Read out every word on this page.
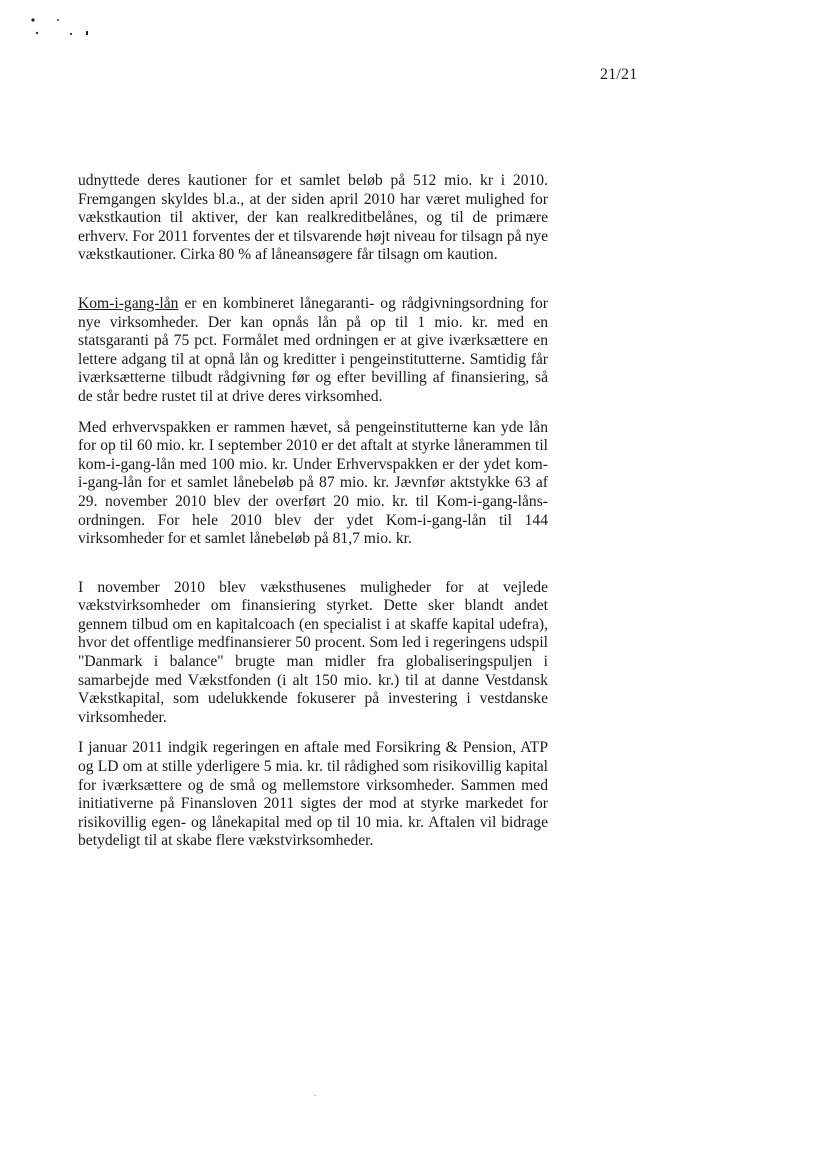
21/21

udnyttede deres kautioner for et samlet beløb på 512 mio. kr i 2010. Fremgangen skyldes bl.a., at der siden april 2010 har været mulighed for vækstkaution til aktiver, der kan realkreditbelånes, og til de primære erhverv. For 2011 forventes der et tilsvarende højt niveau for tilsagn på nye vækstkautioner. Cirka 80 % af låneansøgere får tilsagn om kaution.

Kom-i-gang-lån er en kombineret lånegaranti- og rådgivningsordning for nye virksomheder. Der kan opnås lån på op til 1 mio. kr. med en statsgaranti på 75 pct. Formålet med ordningen er at give iværksættere en lettere adgang til at opnå lån og kreditter i pengeinstitutterne. Samtidig får iværksætterne tilbudt rådgivning før og efter bevilling af finansiering, så de står bedre rustet til at drive deres virksomhed.

Med erhvervspakken er rammen hævet, så pengeinstitutterne kan yde lån for op til 60 mio. kr. I september 2010 er det aftalt at styrke lånerammen til kom-i-gang-lån med 100 mio. kr. Under Erhvervspakken er der ydet kom-i-gang-lån for et samlet lånebeløb på 87 mio. kr. Jævnfør aktstykke 63 af 29. november 2010 blev der overført 20 mio. kr. til Kom-i-gang-låns-ordningen. For hele 2010 blev der ydet Kom-i-gang-lån til 144 virksomheder for et samlet lånebeløb på 81,7 mio. kr.

I november 2010 blev væksthusenes muligheder for at vejlede vækstvirksomheder om finansiering styrket. Dette sker blandt andet gennem tilbud om en kapitalcoach (en specialist i at skaffe kapital udefra), hvor det offentlige medfinansierer 50 procent. Som led i regeringens udspil "Danmark i balance" brugte man midler fra globaliseringspuljen i samarbejde med Vækstfonden (i alt 150 mio. kr.) til at danne Vestdansk Vækstkapital, som udelukkende fokuserer på investering i vestdanske virksomheder.

I januar 2011 indgik regeringen en aftale med Forsikring & Pension, ATP og LD om at stille yderligere 5 mia. kr. til rådighed som risikovillig kapital for iværksættere og de små og mellemstore virksomheder. Sammen med initiativerne på Finansloven 2011 sigtes der mod at styrke markedet for risikovillig egen- og lånekapital med op til 10 mia. kr. Aftalen vil bidrage betydeligt til at skabe flere vækstvirksomheder.
